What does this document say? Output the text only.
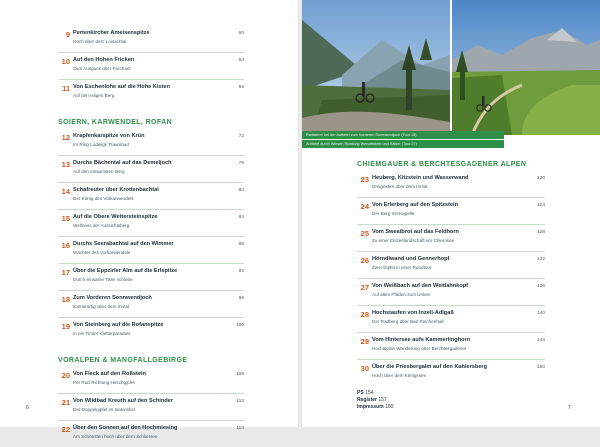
9 Pertenkircher Ameisenspitze
Hoch über dem Loisachtal
60
10 Auf den Hohen Fricken
Zum Ausguck über Farchant
64
11 Von Eschenlohe auf die Hohe Kisten
Auf den eiligen Berg
66
SOIERN, KARWENDEL, ROFAN
12 Krapfenkarspitze von Krün
Im Ring Ludwigs Traumbad
72
13 Durchs Bächental auf das Demeljoch
Auf den einsamsten Berg
76
14 Schafreuter über Krottenbachtal
Der König des Vorkarwendels
80
15 Auf die Obere Wettersteinspitze
Wellness der Aussichtsberg
84
16 Durchs Seerabachtal auf den Wimmer
Wächter des Vorkarwendels
88
17 Über die Eppzirler Alm auf die Erlspitze
Durch einsame Täler schiebe
92
18 Zum Vorderen Sonnwendjoch
Karrierartig über dem Inntal
96
19 Von Steinberg auf die Rofanspitze
In ein Tiroler Kletterparadies
100
VORALPEN & MANGFALLGEBIRGE
20 Von Fleck auf den Roßstein
Per Rad Richtung Hirschgipfel
106
21 Von Wildbad Kreuth auf den Schinder
Der Doppelgipfel im Isarwinkel
110
22 Über den Sonnen auf den Hochmiesing
Am Schönsten hoch über dem Schliersee
114
6
Radfahrer bei der Auffahrt zum Vorderen Sonnwendjoch (Tour 18)
Auffahrt durch Wiesen Richtung Wendelstein und Kaiser (Tour 27)
CHIEMGAUER & BERCHTESGADENER ALPEN
23 Heuberg, Kitzstein und Wasserwand
Dreigestirn über dem Inntal
120
24 Von Erlerberg auf den Spitzstein
Der Berg mit Kapelle
124
25 Vom Sweatbrot auf das Feldhorn
Zu einer Eiszeitlandschaft am Chiemsee
128
26 Hörndlwand und Gennerhopf
Zwei Gipfel in einer Rundtour
132
27 Von Weißbach auf den Weitlahnkopf
Auf alten Pfaden zum Unken
136
28 Hochstaufen von Inzell-Adlgaß
Der Radberg über Bad Reichenhall
140
29 Vom Hintersee aufs Kammerlinghorn
Hochalpine Wanderung über Berchtesgadener
144
30 Über die Priesbergalm auf den Kahlersberg
Hoch über dem Königssee
150
PS 154
Register 157
Impressum 160	7
